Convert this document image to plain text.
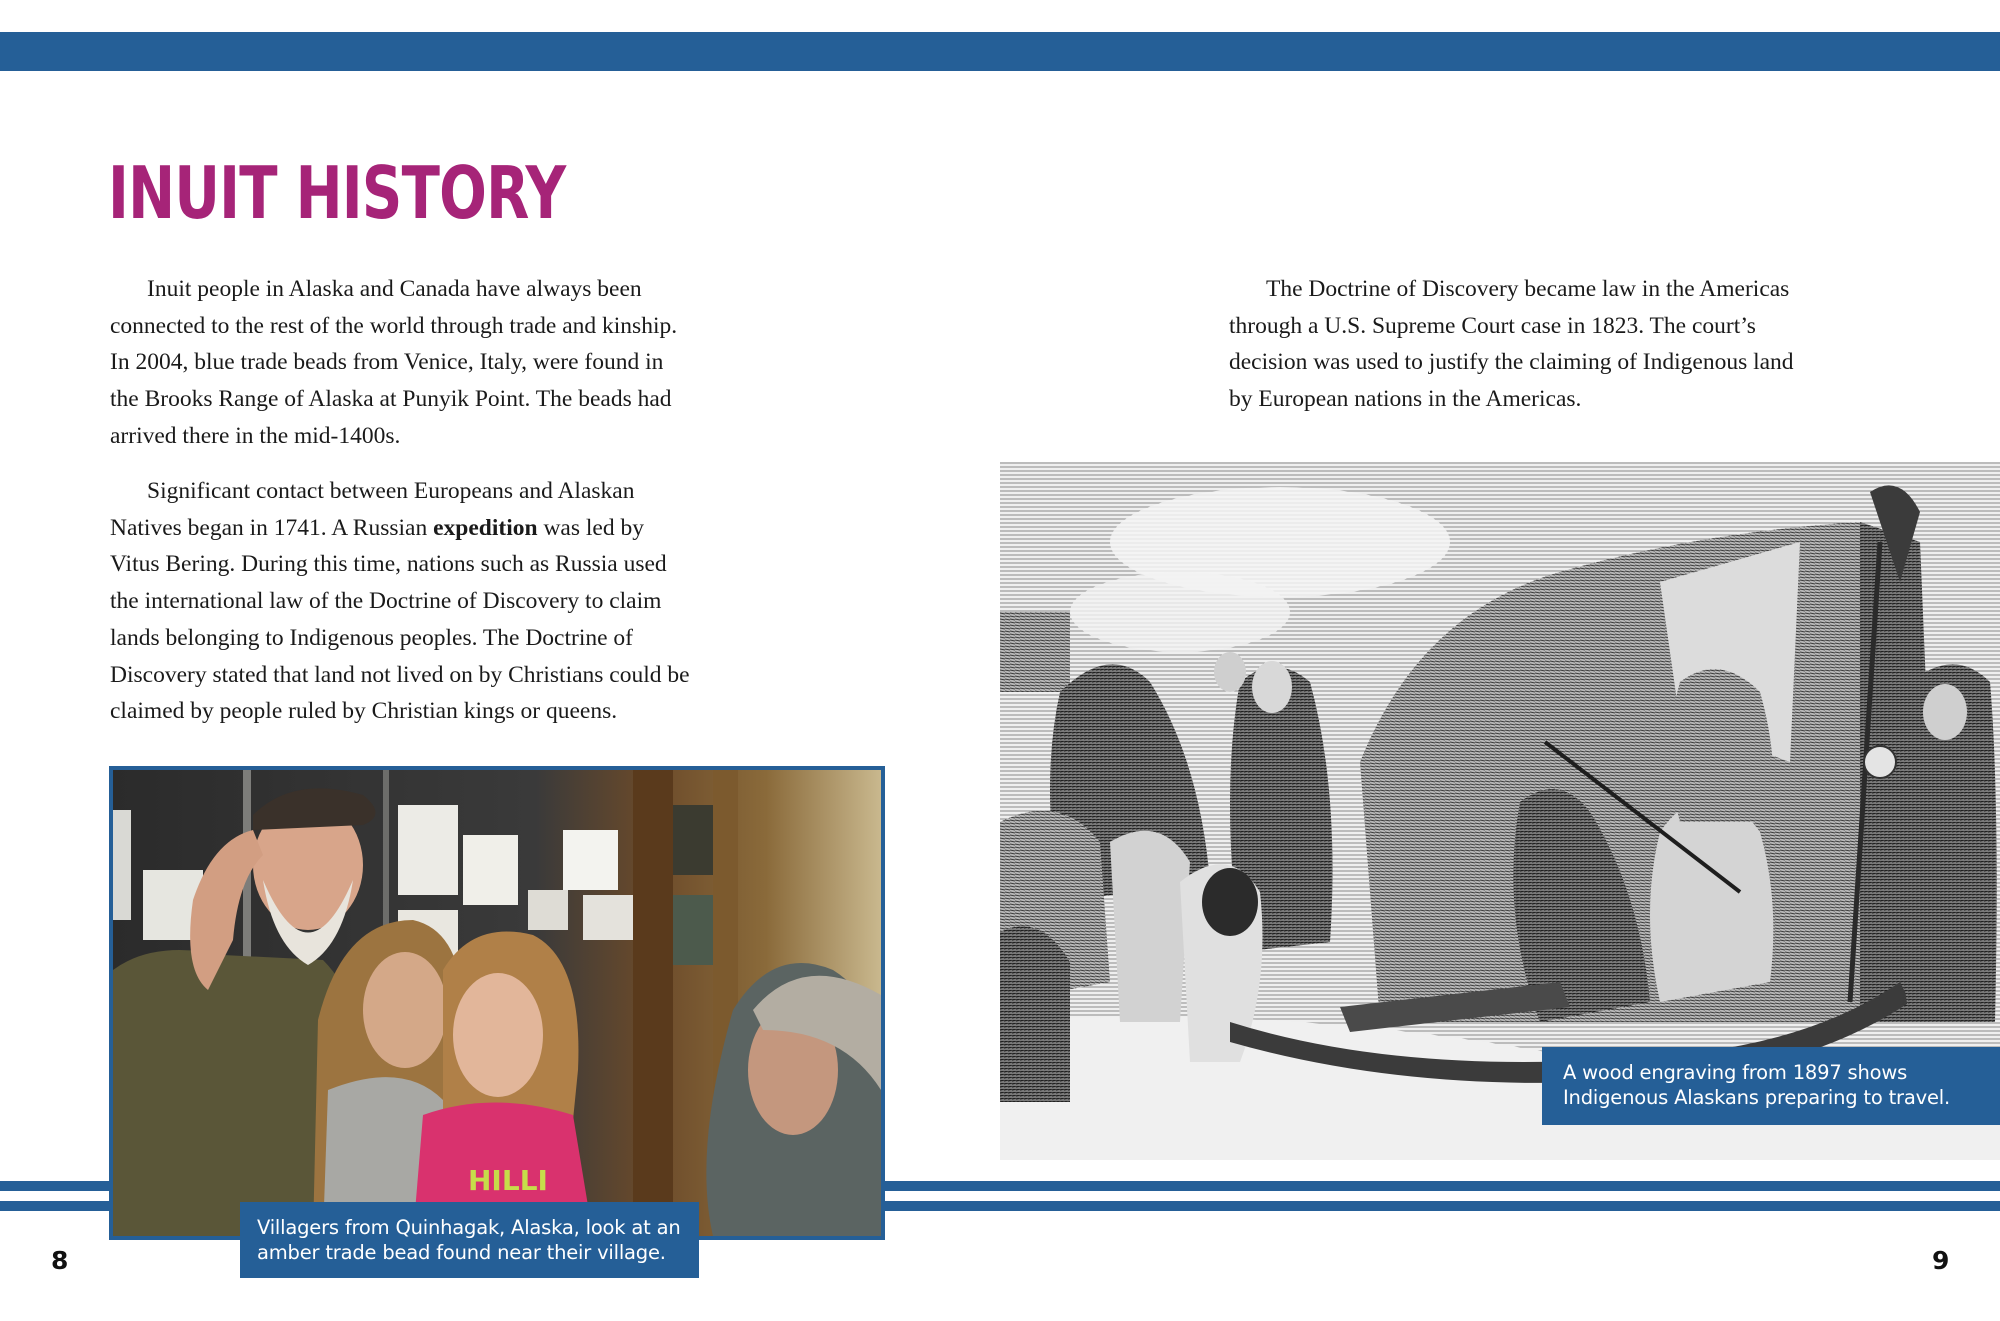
INUIT HISTORY
Inuit people in Alaska and Canada have always been
connected to the rest of the world through trade and kinship.
In 2004, blue trade beads from Venice, Italy, were found in
the Brooks Range of Alaska at Punyik Point. The beads had
arrived there in the mid-1400s.
Significant contact between Europeans and Alaskan
Natives began in 1741. A Russian expedition was led by
Vitus Bering. During this time, nations such as Russia used
the international law of the Doctrine of Discovery to claim
lands belonging to Indigenous peoples. The Doctrine of
Discovery stated that land not lived on by Christians could be
claimed by people ruled by Christian kings or queens.
HILLI
Villagers from Quinhagak, Alaska, look at an
amber trade bead found near their village.
The Doctrine of Discovery became law in the Americas
through a U.S. Supreme Court case in 1823. The court’s
decision was used to justify the claiming of Indigenous land
by European nations in the Americas.
A wood engraving from 1897 shows
Indigenous Alaskans preparing to travel.
8	9
